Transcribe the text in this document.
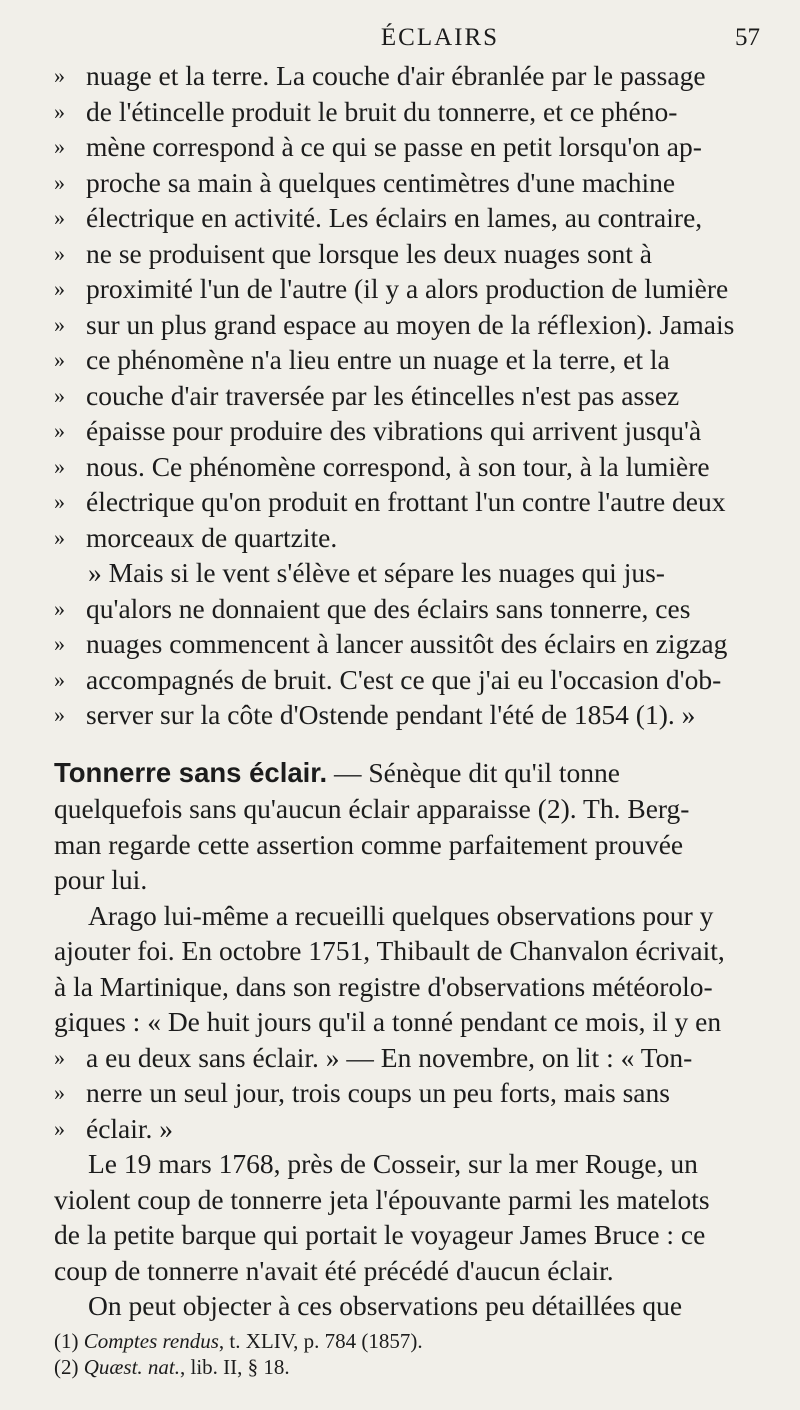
ÉCLAIRS	57
» nuage et la terre. La couche d'air ébranlée par le passage
» de l'étincelle produit le bruit du tonnerre, et ce phéno-
» mène correspond à ce qui se passe en petit lorsqu'on ap-
» proche sa main à quelques centimètres d'une machine
» électrique en activité. Les éclairs en lames, au contraire,
» ne se produisent que lorsque les deux nuages sont à
» proximité l'un de l'autre (il y a alors production de lumière
» sur un plus grand espace au moyen de la réflexion). Jamais
» ce phénomène n'a lieu entre un nuage et la terre, et la
» couche d'air traversée par les étincelles n'est pas assez
» épaisse pour produire des vibrations qui arrivent jusqu'à
» nous. Ce phénomène correspond, à son tour, à la lumière
» électrique qu'on produit en frottant l'un contre l'autre deux
» morceaux de quartzite.
» Mais si le vent s'élève et sépare les nuages qui jus-
» qu'alors ne donnaient que des éclairs sans tonnerre, ces
» nuages commencent à lancer aussitôt des éclairs en zigzag
» accompagnés de bruit. C'est ce que j'ai eu l'occasion d'ob-
» server sur la côte d'Ostende pendant l'été de 1854 (1). »
Tonnerre sans éclair. — Sénèque dit qu'il tonne
quelquefois sans qu'aucun éclair apparaisse (2). Th. Berg-
man regarde cette assertion comme parfaitement prouvée
pour lui.
Arago lui-même a recueilli quelques observations pour y
ajouter foi. En octobre 1751, Thibault de Chanvalon écrivait,
à la Martinique, dans son registre d'observations météorolo-
giques : « De huit jours qu'il a tonné pendant ce mois, il y en
» a eu deux sans éclair. » — En novembre, on lit : « Ton-
» nerre un seul jour, trois coups un peu forts, mais sans
» éclair. »
Le 19 mars 1768, près de Cosseir, sur la mer Rouge, un
violent coup de tonnerre jeta l'épouvante parmi les matelots
de la petite barque qui portait le voyageur James Bruce : ce
coup de tonnerre n'avait été précédé d'aucun éclair.
On peut objecter à ces observations peu détaillées que
(1) Comptes rendus, t. XLIV, p. 784 (1857).
(2) Quæst. nat., lib. II, § 18.
